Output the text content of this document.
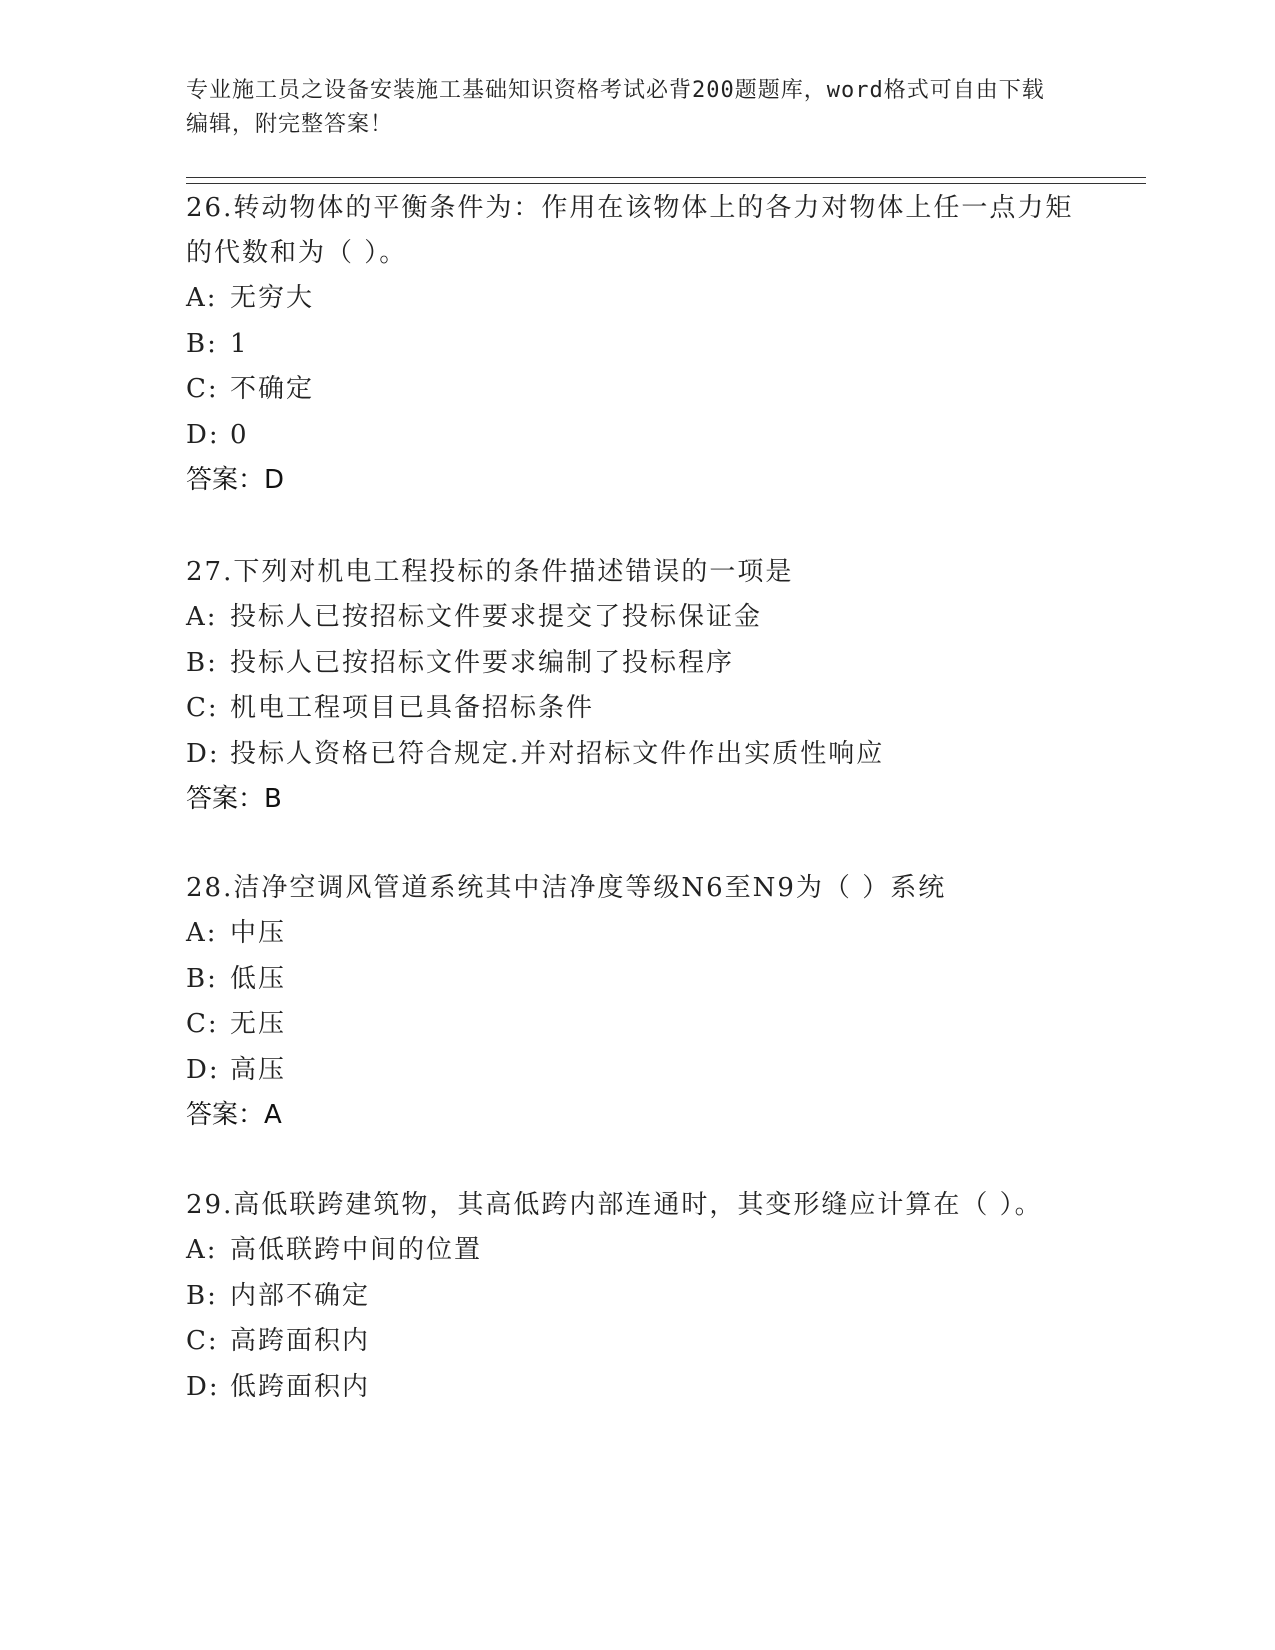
专业施工员之设备安装施工基础知识资格考试必背200题题库，word格式可自由下载编辑，附完整答案！

26.转动物体的平衡条件为：作用在该物体上的各力对物体上任一点力矩的代数和为（ ）。

A: 无穷大

B: 1

C: 不确定

D: 0

答案：D

27.下列对机电工程投标的条件描述错误的一项是

A: 投标人已按招标文件要求提交了投标保证金

B: 投标人已按招标文件要求编制了投标程序

C: 机电工程项目已具备招标条件

D: 投标人资格已符合规定.并对招标文件作出实质性响应

答案：B

28.洁净空调风管道系统其中洁净度等级N6至N9为（ ）系统

A: 中压

B: 低压

C: 无压

D: 高压

答案：A

29.高低联跨建筑物，其高低跨内部连通时，其变形缝应计算在（ ）。

A: 高低联跨中间的位置

B: 内部不确定

C: 高跨面积内

D: 低跨面积内
